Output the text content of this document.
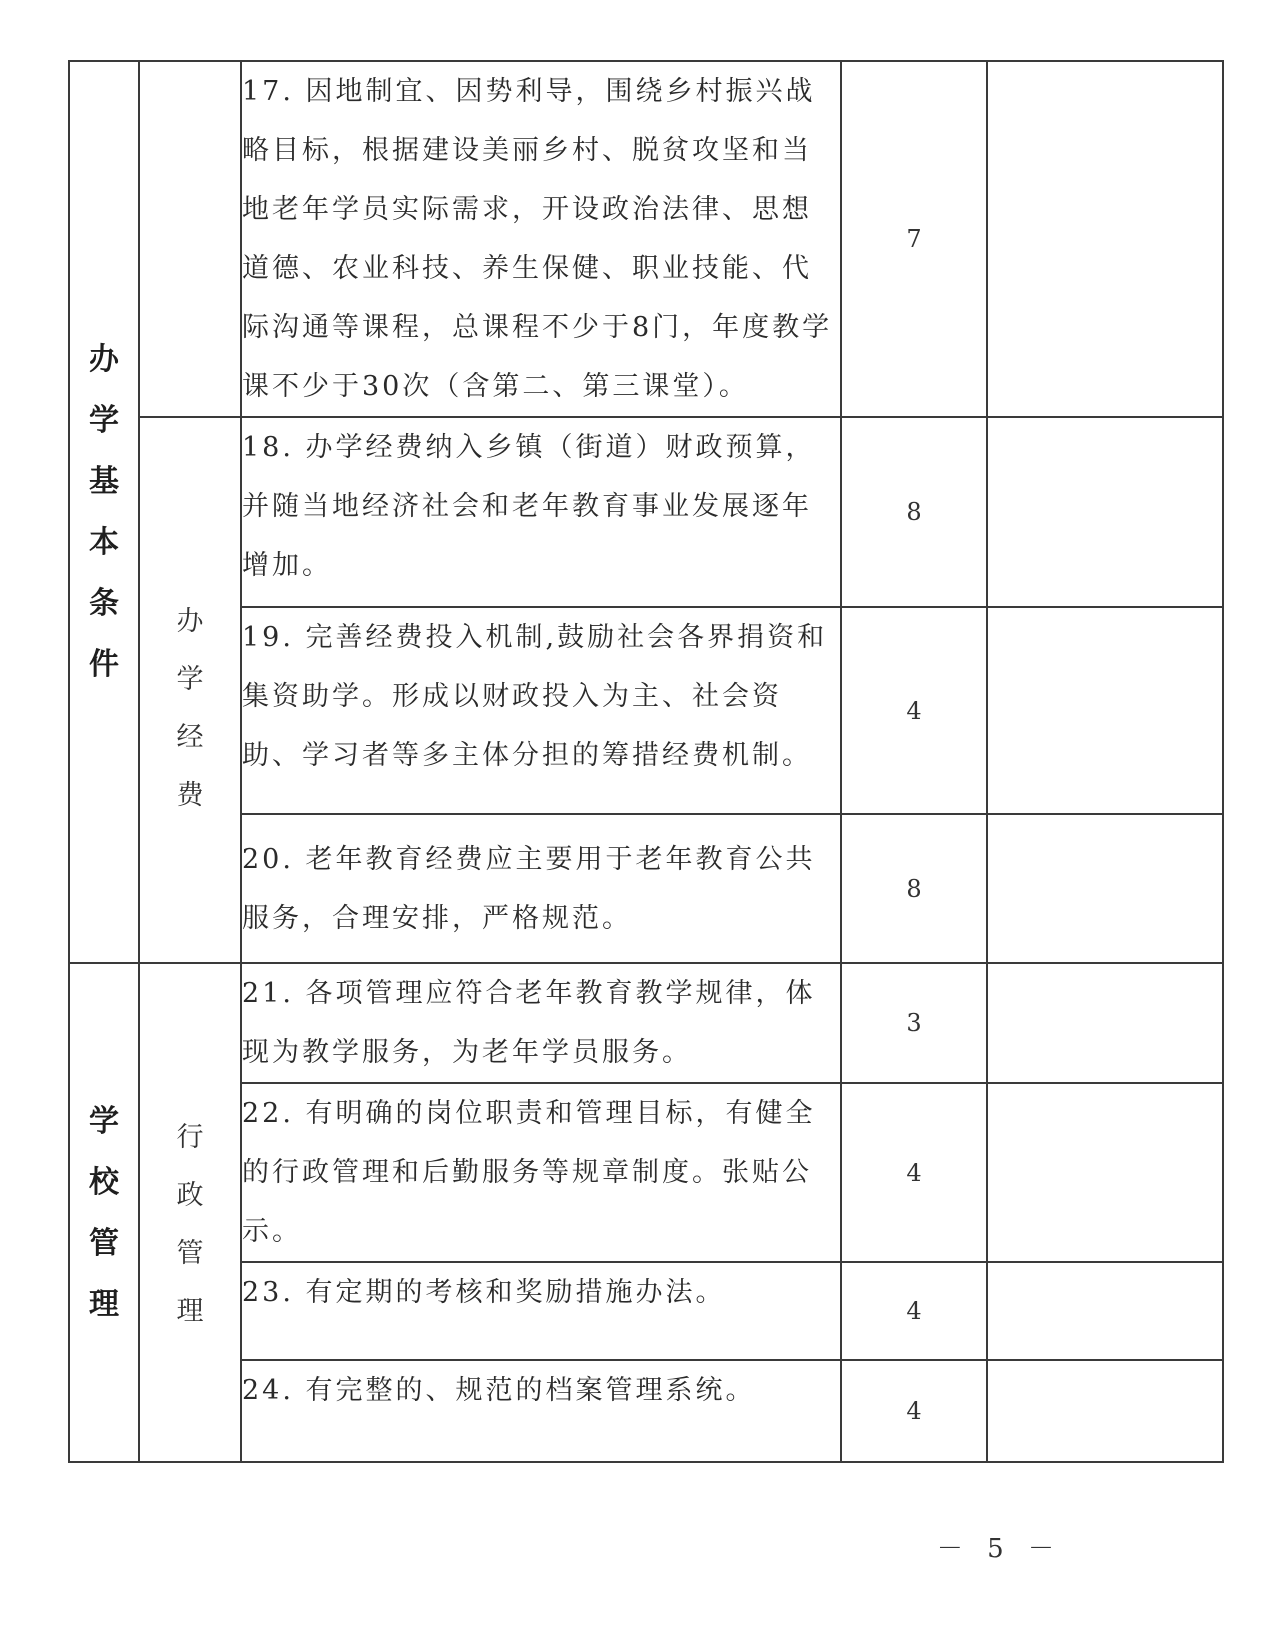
办学基本条件		17. 因地制宜、因势利导，围绕乡村振兴战略目标，根据建设美丽乡村、脱贫攻坚和当地老年学员实际需求，开设政治法律、思想道德、农业科技、养生保健、职业技能、代际沟通等课程，总课程不少于8门，年度教学课不少于30次（含第二、第三课堂）。	7	
	办学经费	18. 办学经费纳入乡镇（街道）财政预算，并随当地经济社会和老年教育事业发展逐年增加。	8	
		19. 完善经费投入机制,鼓励社会各界捐资和集资助学。形成以财政投入为主、社会资助、学习者等多主体分担的筹措经费机制。	4	
		20. 老年教育经费应主要用于老年教育公共服务，合理安排，严格规范。	8	
学校管理	行政管理	21. 各项管理应符合老年教育教学规律，体现为教学服务，为老年学员服务。	3	
		22. 有明确的岗位职责和管理目标，有健全的行政管理和后勤服务等规章制度。张贴公示。	4	
		23. 有定期的考核和奖励措施办法。	4	
		24. 有完整的、规范的档案管理系统。	4	
－ 5 －
